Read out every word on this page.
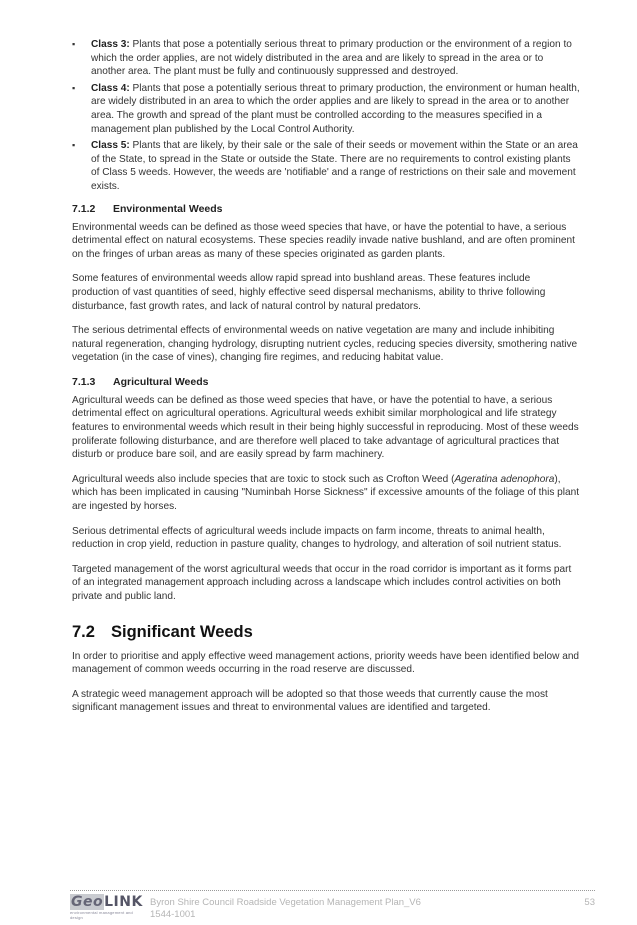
▪ Class 3: Plants that pose a potentially serious threat to primary production or the environment of a region to which the order applies, are not widely distributed in the area and are likely to spread in the area or to another area. The plant must be fully and continuously suppressed and destroyed.
▪ Class 4: Plants that pose a potentially serious threat to primary production, the environment or human health, are widely distributed in an area to which the order applies and are likely to spread in the area or to another area. The growth and spread of the plant must be controlled according to the measures specified in a management plan published by the Local Control Authority.
▪ Class 5: Plants that are likely, by their sale or the sale of their seeds or movement within the State or an area of the State, to spread in the State or outside the State. There are no requirements to control existing plants of Class 5 weeds. However, the weeds are 'notifiable' and a range of restrictions on their sale and movement exists.
7.1.2 Environmental Weeds

Environmental weeds can be defined as those weed species that have, or have the potential to have, a serious detrimental effect on natural ecosystems. These species readily invade native bushland, and are often prominent on the fringes of urban areas as many of these species originated as garden plants.

Some features of environmental weeds allow rapid spread into bushland areas. These features include production of vast quantities of seed, highly effective seed dispersal mechanisms, ability to thrive following disturbance, fast growth rates, and lack of natural control by natural predators.

The serious detrimental effects of environmental weeds on native vegetation are many and include inhibiting natural regeneration, changing hydrology, disrupting nutrient cycles, reducing species diversity, smothering native vegetation (in the case of vines), changing fire regimes, and reducing habitat value.

7.1.3 Agricultural Weeds

Agricultural weeds can be defined as those weed species that have, or have the potential to have, a serious detrimental effect on agricultural operations. Agricultural weeds exhibit similar morphological and life strategy features to environmental weeds which result in their being highly successful in reproducing. Most of these weeds proliferate following disturbance, and are therefore well placed to take advantage of agricultural practices that disturb or produce bare soil, and are easily spread by farm machinery.

Agricultural weeds also include species that are toxic to stock such as Crofton Weed (Ageratina adenophora), which has been implicated in causing "Numinbah Horse Sickness" if excessive amounts of the foliage of this plant are ingested by horses.

Serious detrimental effects of agricultural weeds include impacts on farm income, threats to animal health, reduction in crop yield, reduction in pasture quality, changes to hydrology, and alteration of soil nutrient status.

Targeted management of the worst agricultural weeds that occur in the road corridor is important as it forms part of an integrated management approach including across a landscape which includes control activities on both private and public land.

7.2 Significant Weeds

In order to prioritise and apply effective weed management actions, priority weeds have been identified below and management of common weeds occurring in the road reserve are discussed.

A strategic weed management approach will be adopted so that those weeds that currently cause the most significant management issues and threat to environmental values are identified and targeted.

GeoLINK
environmental management and design
Byron Shire Council Roadside Vegetation Management Plan_V6
1544-1001
53
